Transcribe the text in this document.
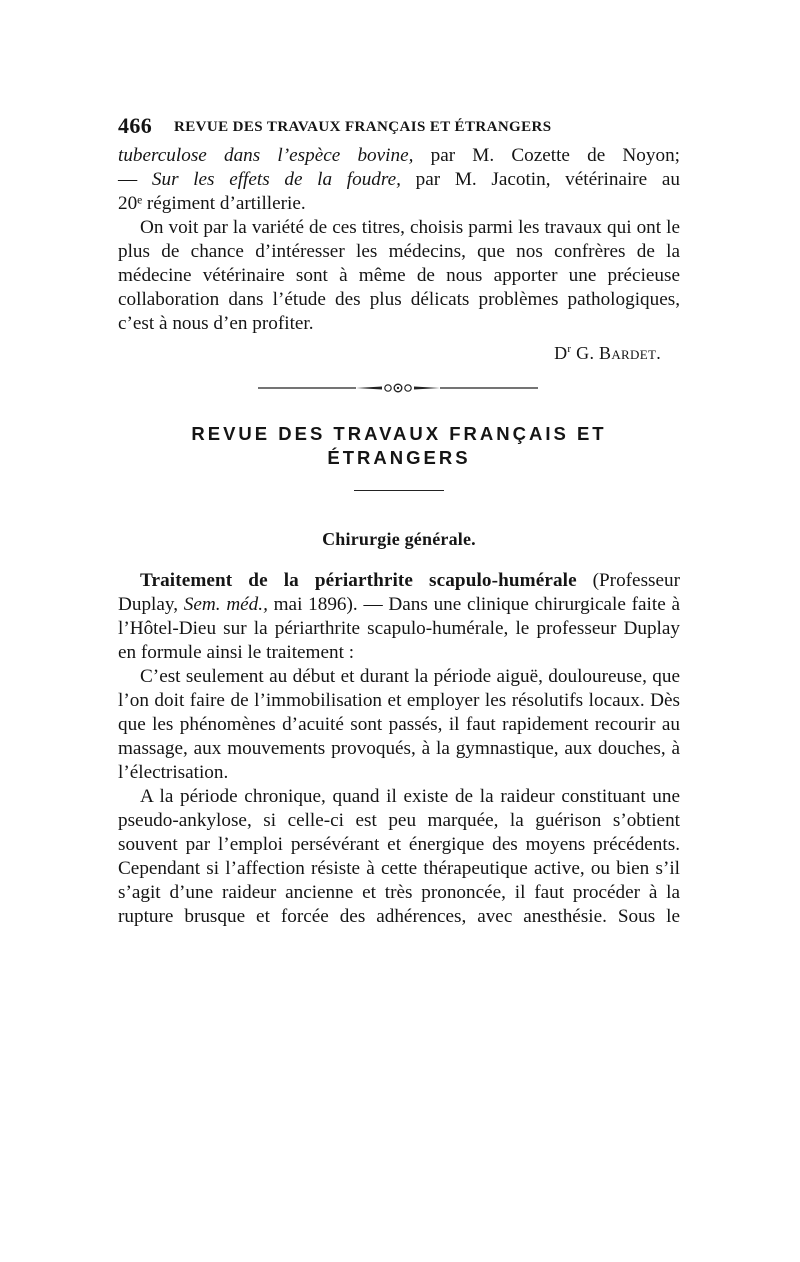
466 REVUE DES TRAVAUX FRANÇAIS ET ÉTRANGERS

tuberculose dans l’espèce bovine, par M. Cozette de Noyon;

— Sur les effets de la foudre, par M. Jacotin, vétérinaire au

20ᵉ régiment d’artillerie.

On voit par la variété de ces titres, choisis parmi les travaux qui ont le plus de chance d’intéresser les médecins, que nos confrères de la médecine vétérinaire sont à même de nous apporter une précieuse collaboration dans l’étude des plus délicats problèmes pathologiques, c’est à nous d’en profiter.

$D^r$ G. Bardet.
REVUE DES TRAVAUX FRANÇAIS ET ÉTRANGERS
Chirurgie générale.

Traitement de la périarthrite scapulo-humérale (Professeur Duplay, Sem. méd., mai 1896). — Dans une clinique chirurgicale faite à l’Hôtel-Dieu sur la périarthrite scapulo-humérale, le professeur Duplay en formule ainsi le traitement :

C’est seulement au début et durant la période aiguë, douloureuse, que l’on doit faire de l’immobilisation et employer les résolutifs locaux. Dès que les phénomènes d’acuité sont passés, il faut rapidement recourir au massage, aux mouvements provoqués, à la gymnastique, aux douches, à l’électrisation.

A la période chronique, quand il existe de la raideur constituant une pseudo-ankylose, si celle-ci est peu marquée, la guérison s’obtient souvent par l’emploi persévérant et énergique des moyens précédents. Cependant si l’affection résiste à cette thérapeutique active, ou bien s’il s’agit d’une raideur ancienne et très prononcée, il faut procéder à la rupture brusque et forcée des adhérences, avec anesthésie. Sous le
